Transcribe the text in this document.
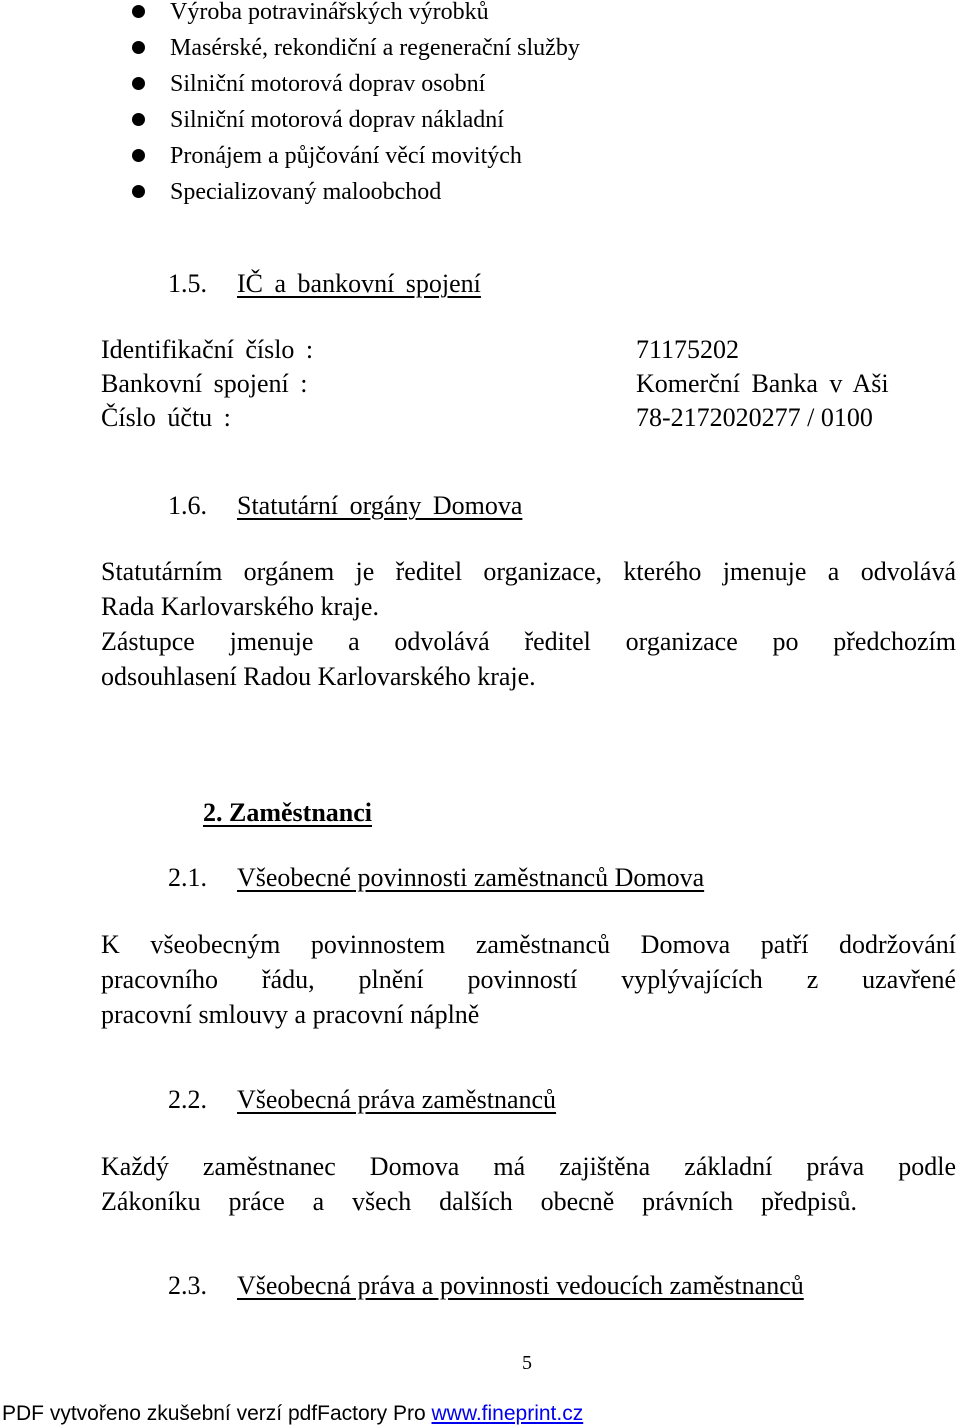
Výroba potravinářských výrobků
Masérské, rekondiční a regenerační služby
Silniční motorová doprav osobní
Silniční motorová doprav nákladní
Pronájem a půjčování věcí movitých
Specializovaný maloobchod
1.5. IČ a bankovní spojení
Identifikační číslo :	71175202
Bankovní spojení :	Komerční Banka v Aši
Číslo účtu :	78-2172020277 / 0100
1.6. Statutární orgány Domova
Statutárním orgánem je ředitel organizace, kterého jmenuje a odvolává
Rada Karlovarského kraje.
Zástupce jmenuje a odvolává ředitel organizace po předchozím
odsouhlasení Radou Karlovarského kraje.
2. Zaměstnanci
2.1. Všeobecné povinnosti zaměstnanců Domova
K všeobecným povinnostem zaměstnanců Domova patří dodržování
pracovního řádu, plnění povinností vyplývajících z uzavřené
pracovní smlouvy a pracovní náplně
2.2. Všeobecná práva zaměstnanců
Každý zaměstnanec Domova má zajištěna základní práva podle
Zákoníku práce a všech dalších obecně právních předpisů.
2.3. Všeobecná práva a povinnosti vedoucích zaměstnanců
5
PDF vytvořeno zkušební verzí pdfFactory Pro www.fineprint.cz
